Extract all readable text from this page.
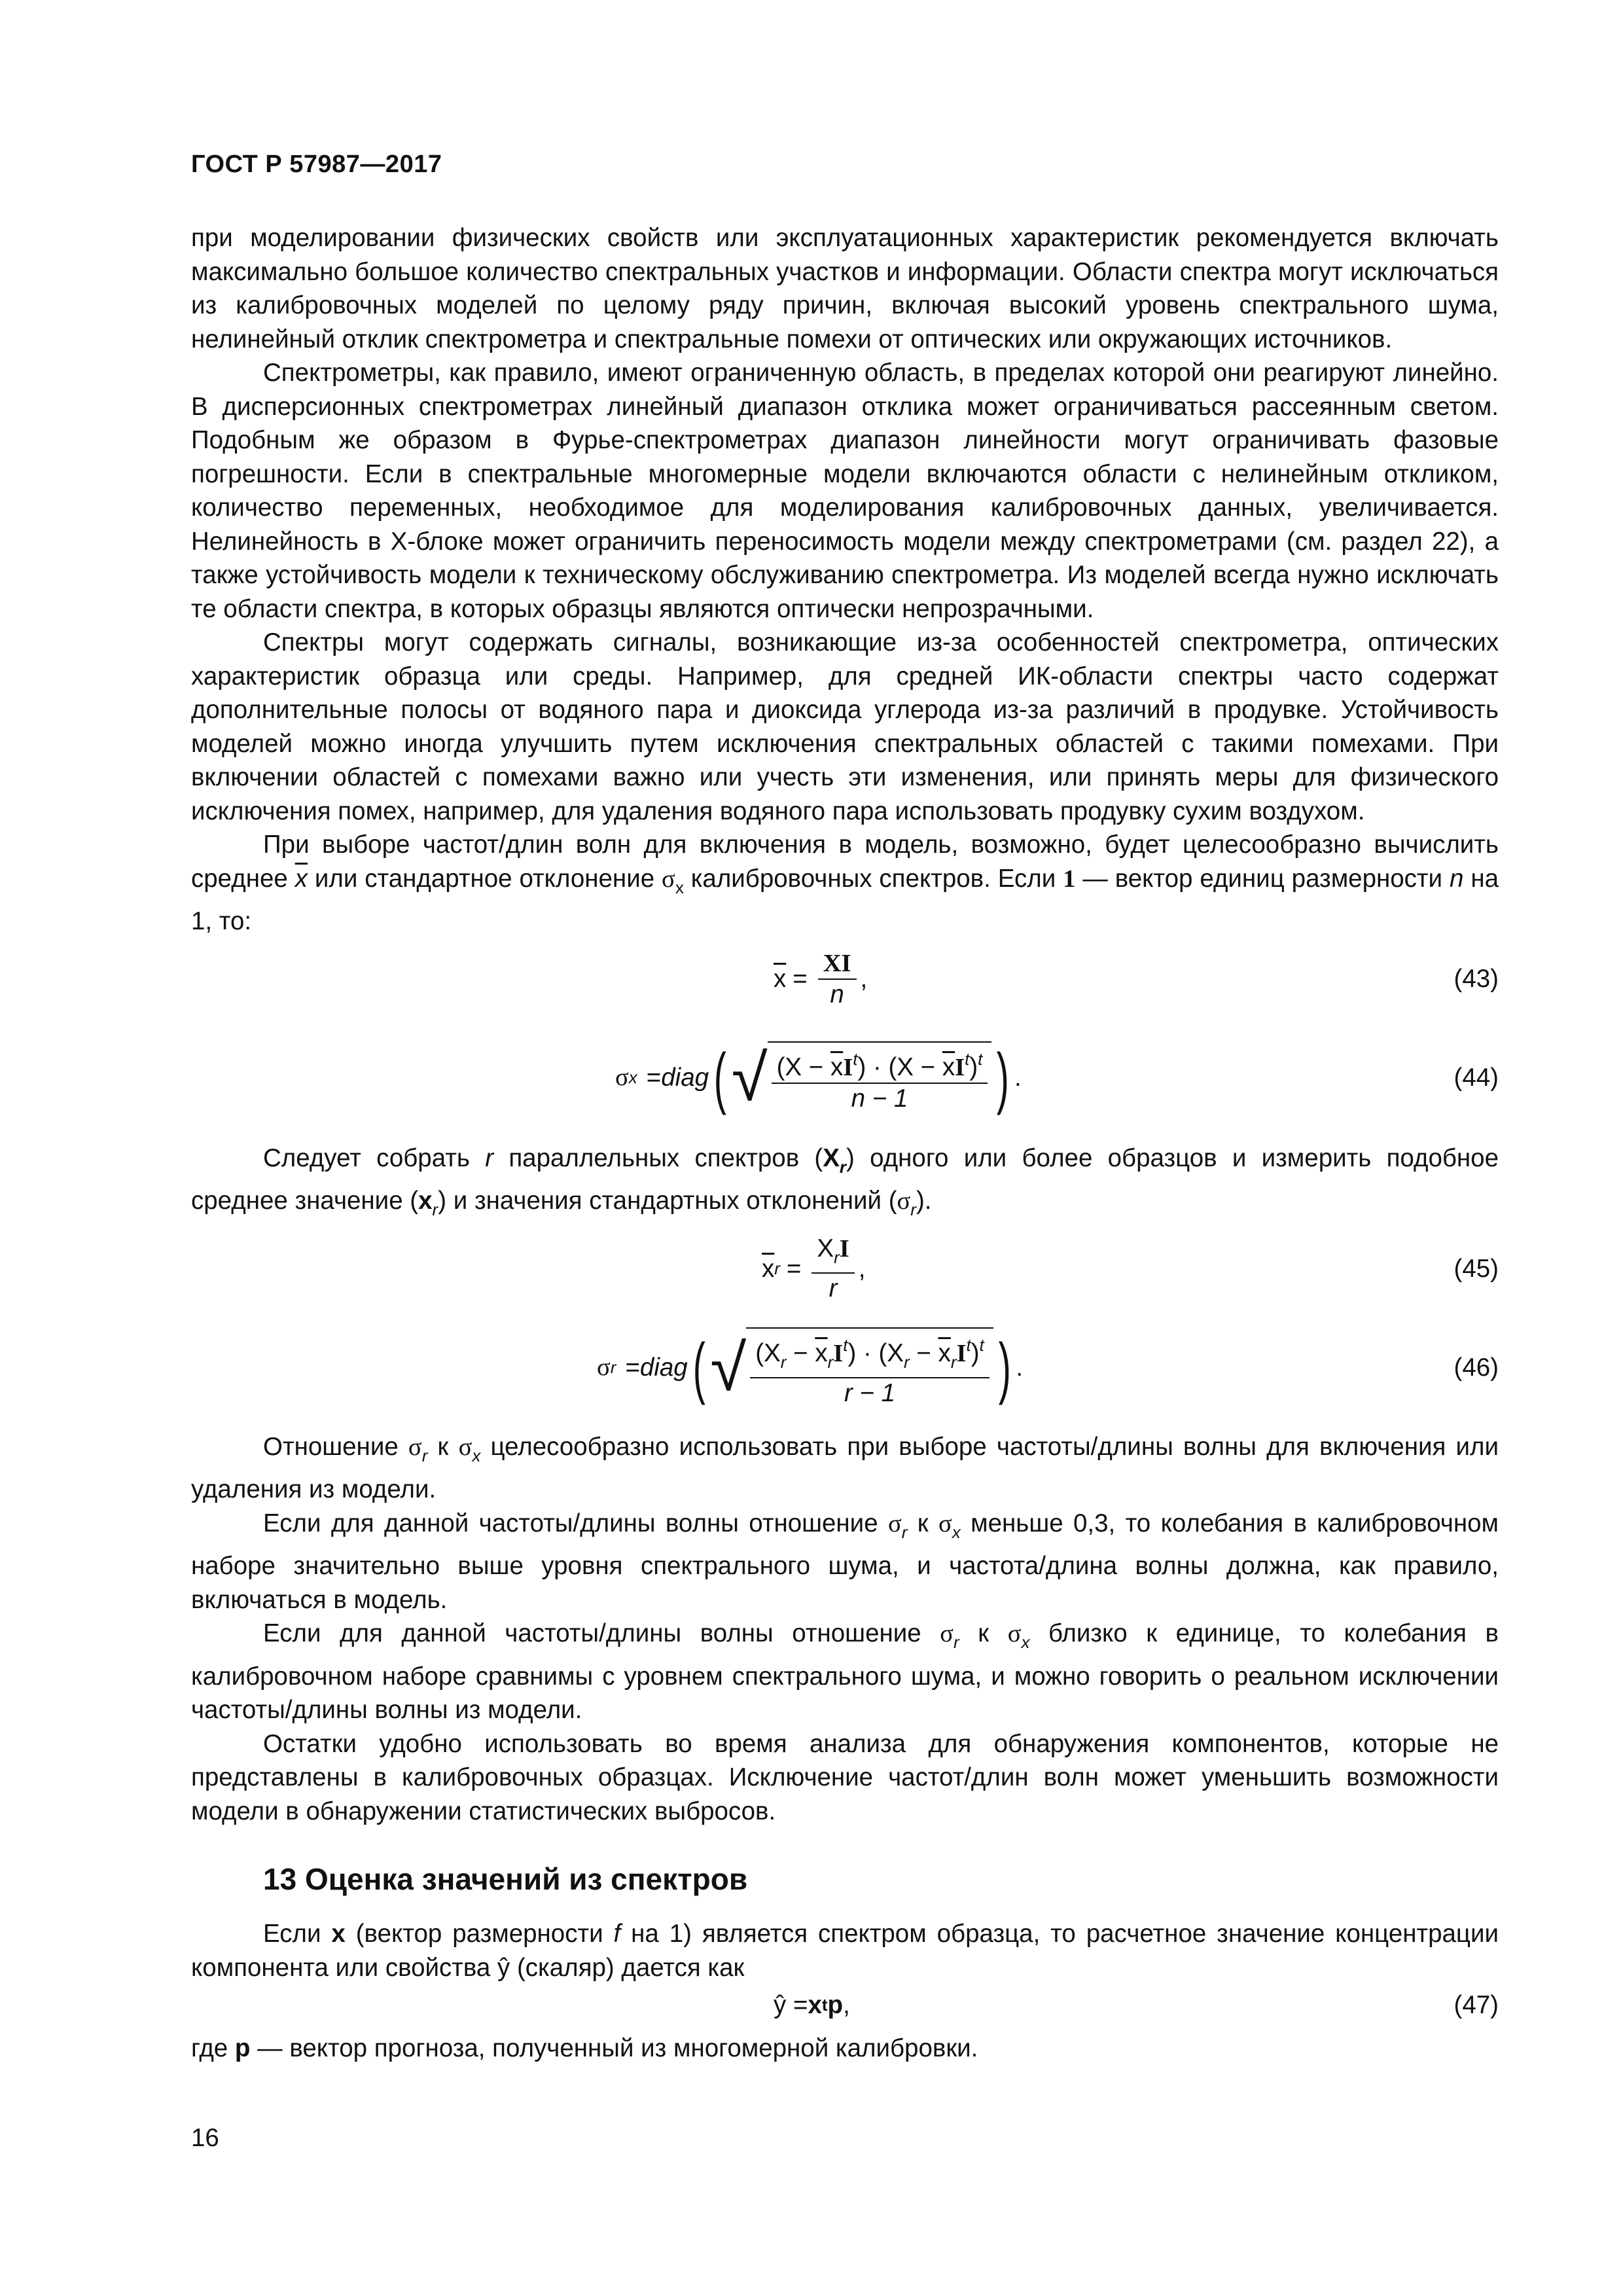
ГОСТ Р 57987—2017

при моделировании физических свойств или эксплуатационных характеристик рекомендуется включать максимально большое количество спектральных участков и информации. Области спектра могут исключаться из калибровочных моделей по целому ряду причин, включая высокий уровень спектрального шума, нелинейный отклик спектрометра и спектральные помехи от оптических или окружающих источников.

Спектрометры, как правило, имеют ограниченную область, в пределах которой они реагируют линейно. В дисперсионных спектрометрах линейный диапазон отклика может ограничиваться рассеянным светом. Подобным же образом в Фурье-спектрометрах диапазон линейности могут ограничивать фазовые погрешности. Если в спектральные многомерные модели включаются области с нелинейным откликом, количество переменных, необходимое для моделирования калибровочных данных, увеличивается. Нелинейность в Х-блоке может ограничить переносимость модели между спектрометрами (см. раздел 22), а также устойчивость модели к техническому обслуживанию спектрометра. Из моделей всегда нужно исключать те области спектра, в которых образцы являются оптически непрозрачными.

Спектры могут содержать сигналы, возникающие из-за особенностей спектрометра, оптических характеристик образца или среды. Например, для средней ИК-области спектры часто содержат дополнительные полосы от водяного пара и диоксида углерода из-за различий в продувке. Устойчивость моделей можно иногда улучшить путем исключения спектральных областей с такими помехами. При включении областей с помехами важно или учесть эти изменения, или принять меры для физического исключения помех, например, для удаления водяного пара использовать продувку сухим воздухом.

При выборе частот/длин волн для включения в модель, возможно, будет целесообразно вычислить среднее $\overline{x}$ или стандартное отклонение $\sigma_x$ калибровочных спектров. Если 1 — вектор единиц размерности n на 1, то:

$\overline{x} = \frac{XI}{n}$ ,	(43)
σ x = diag ( √ $\frac{(X - \overline{x}I^t) \cdot (X - \overline{x}I^t)^t}{n - 1}$ ) .	(44)

Следует собрать r параллельных спектров $(X_r)$ одного или более образцов и измерить подобное среднее значение $(x_r)$ и значения стандартных отклонений $(\sigma_r)$.

$\overline{x}$ $r = \frac{X_rI}{r}$ ,	(45)
σ r = diag ( √ $\frac{(X_r - \overline{x}_rI^t) \cdot (X_r - \overline{x}_rI^t)^t}{r - 1}$ ) .	(46)

Отношение $\sigma_r$ к $\sigma_x$ целесообразно использовать при выборе частоты/длины волны для включения или удаления из модели.

Если для данной частоты/длины волны отношение $\sigma_r$ к $\sigma_x$ меньше 0,3, то колебания в калибровочном наборе значительно выше уровня спектрального шума, и частота/длина волны должна, как правило, включаться в модель.

Если для данной частоты/длины волны отношение $\sigma_r$ к $\sigma_x$ близко к единице, то колебания в калибровочном наборе сравнимы с уровнем спектрального шума, и можно говорить о реальном исключении частоты/длины волны из модели.

Остатки удобно использовать во время анализа для обнаружения компонентов, которые не представлены в калибровочных образцах. Исключение частот/длин волн может уменьшить возможности модели в обнаружении статистических выбросов.

13 Оценка значений из спектров

Если x (вектор размерности f на 1) является спектром образца, то расчетное значение концентрации компонента или свойства ŷ (скаляр) дается как

ŷ = x t p ,	(47)

где p — вектор прогноза, полученный из многомерной калибровки.

16
